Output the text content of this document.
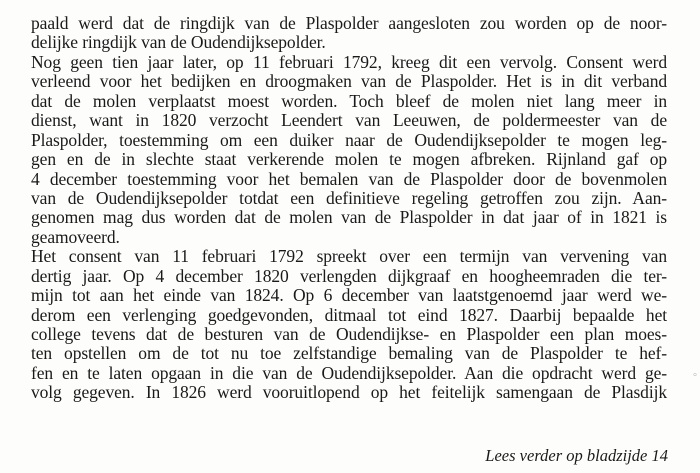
paald werd dat de ringdijk van de Plaspolder aangesloten zou worden op de noor-
delijke ringdijk van de Oudendijksepolder.
Nog geen tien jaar later, op 11 februari 1792, kreeg dit een vervolg. Consent werd
verleend voor het bedijken en droogmaken van de Plaspolder. Het is in dit verband
dat de molen verplaatst moest worden. Toch bleef de molen niet lang meer in
dienst, want in 1820 verzocht Leendert van Leeuwen, de poldermeester van de
Plaspolder, toestemming om een duiker naar de Oudendijksepolder te mogen leg-
gen en de in slechte staat verkerende molen te mogen afbreken. Rijnland gaf op
4 december toestemming voor het bemalen van de Plaspolder door de bovenmolen
van de Oudendijksepolder totdat een definitieve regeling getroffen zou zijn. Aan-
genomen mag dus worden dat de molen van de Plaspolder in dat jaar of in 1821 is
geamoveerd.
Het consent van 11 februari 1792 spreekt over een termijn van vervening van
dertig jaar. Op 4 december 1820 verlengden dijkgraaf en hoogheemraden die ter-
mijn tot aan het einde van 1824. Op 6 december van laatstgenoemd jaar werd we-
derom een verlenging goedgevonden, ditmaal tot eind 1827. Daarbij bepaalde het
college tevens dat de besturen van de Oudendijkse- en Plaspolder een plan moes-
ten opstellen om de tot nu toe zelfstandige bemaling van de Plaspolder te hef-
fen en te laten opgaan in die van de Oudendijksepolder. Aan die opdracht werd ge-
volg gegeven. In 1826 werd vooruitlopend op het feitelijk samengaan de Plasdijk
Lees verder op bladzijde 14
°
